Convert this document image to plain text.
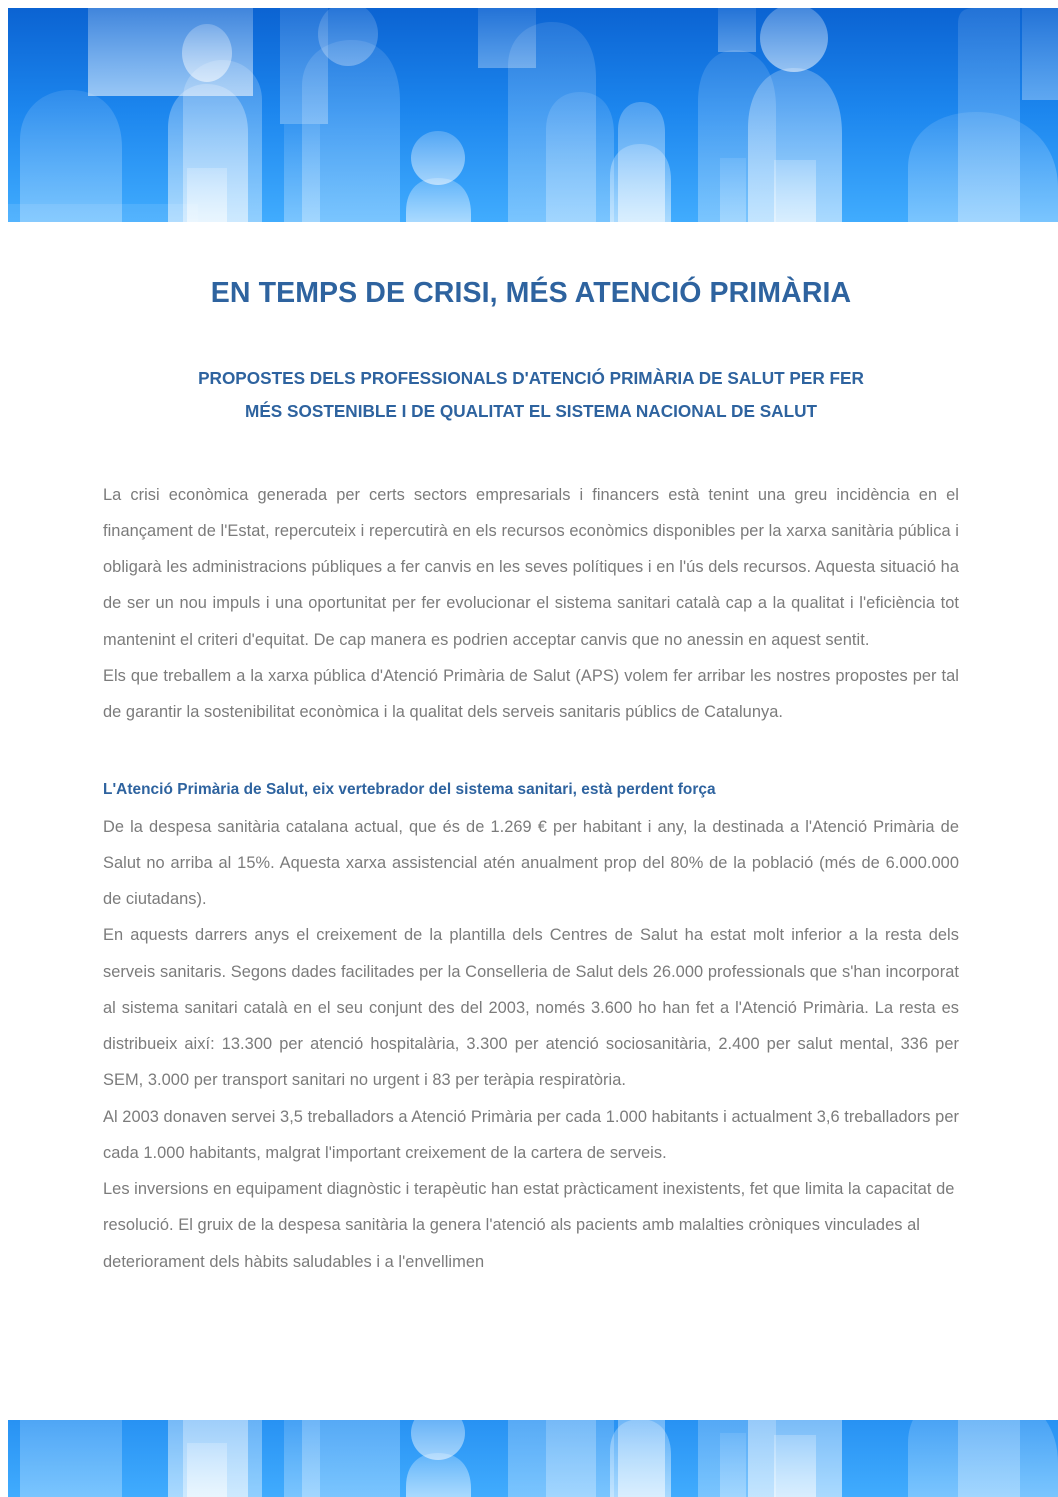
EN TEMPS DE CRISI, MÉS ATENCIÓ PRIMÀRIA
PROPOSTES DELS PROFESSIONALS D'ATENCIÓ PRIMÀRIA DE SALUT PER FER
MÉS SOSTENIBLE I DE QUALITAT EL SISTEMA NACIONAL DE SALUT

La crisi econòmica generada per certs sectors empresarials i financers està tenint una greu incidència en el finançament de l'Estat, repercuteix i repercutirà en els recursos econòmics disponibles per la xarxa sanitària pública i obligarà les administracions públiques a fer canvis en les seves polítiques i en l'ús dels recursos. Aquesta situació ha de ser un nou impuls i una oportunitat per fer evolucionar el sistema sanitari català cap a la qualitat i l'eficiència tot mantenint el criteri d'equitat. De cap manera es podrien acceptar canvis que no anessin en aquest sentit.

Els que treballem a la xarxa pública d'Atenció Primària de Salut (APS) volem fer arribar les nostres propostes per tal de garantir la sostenibilitat econòmica i la qualitat dels serveis sanitaris públics de Catalunya.

L'Atenció Primària de Salut, eix vertebrador del sistema sanitari, està perdent força

De la despesa sanitària catalana actual, que és de 1.269 € per habitant i any, la destinada a l'Atenció Primària de Salut no arriba al 15%. Aquesta xarxa assistencial atén anualment prop del 80% de la població (més de 6.000.000 de ciutadans).

En aquests darrers anys el creixement de la plantilla dels Centres de Salut ha estat molt inferior a la resta dels serveis sanitaris. Segons dades facilitades per la Conselleria de Salut dels 26.000 professionals que s'han incorporat al sistema sanitari català en el seu conjunt des del 2003, només 3.600 ho han fet a l'Atenció Primària. La resta es distribueix així: 13.300 per atenció hospitalària, 3.300 per atenció sociosanitària, 2.400 per salut mental, 336 per SEM, 3.000 per transport sanitari no urgent i 83 per teràpia respiratòria.

Al 2003 donaven servei 3,5 treballadors a Atenció Primària per cada 1.000 habitants i actualment 3,6 treballadors per cada 1.000 habitants, malgrat l'important creixement de la cartera de serveis.

Les inversions en equipament diagnòstic i terapèutic han estat pràcticament inexistents, fet que limita la capacitat de resolució. El gruix de la despesa sanitària la genera l'atenció als pacients amb malalties cròniques vinculades al deteriorament dels hàbits saludables i a l'envellimen
